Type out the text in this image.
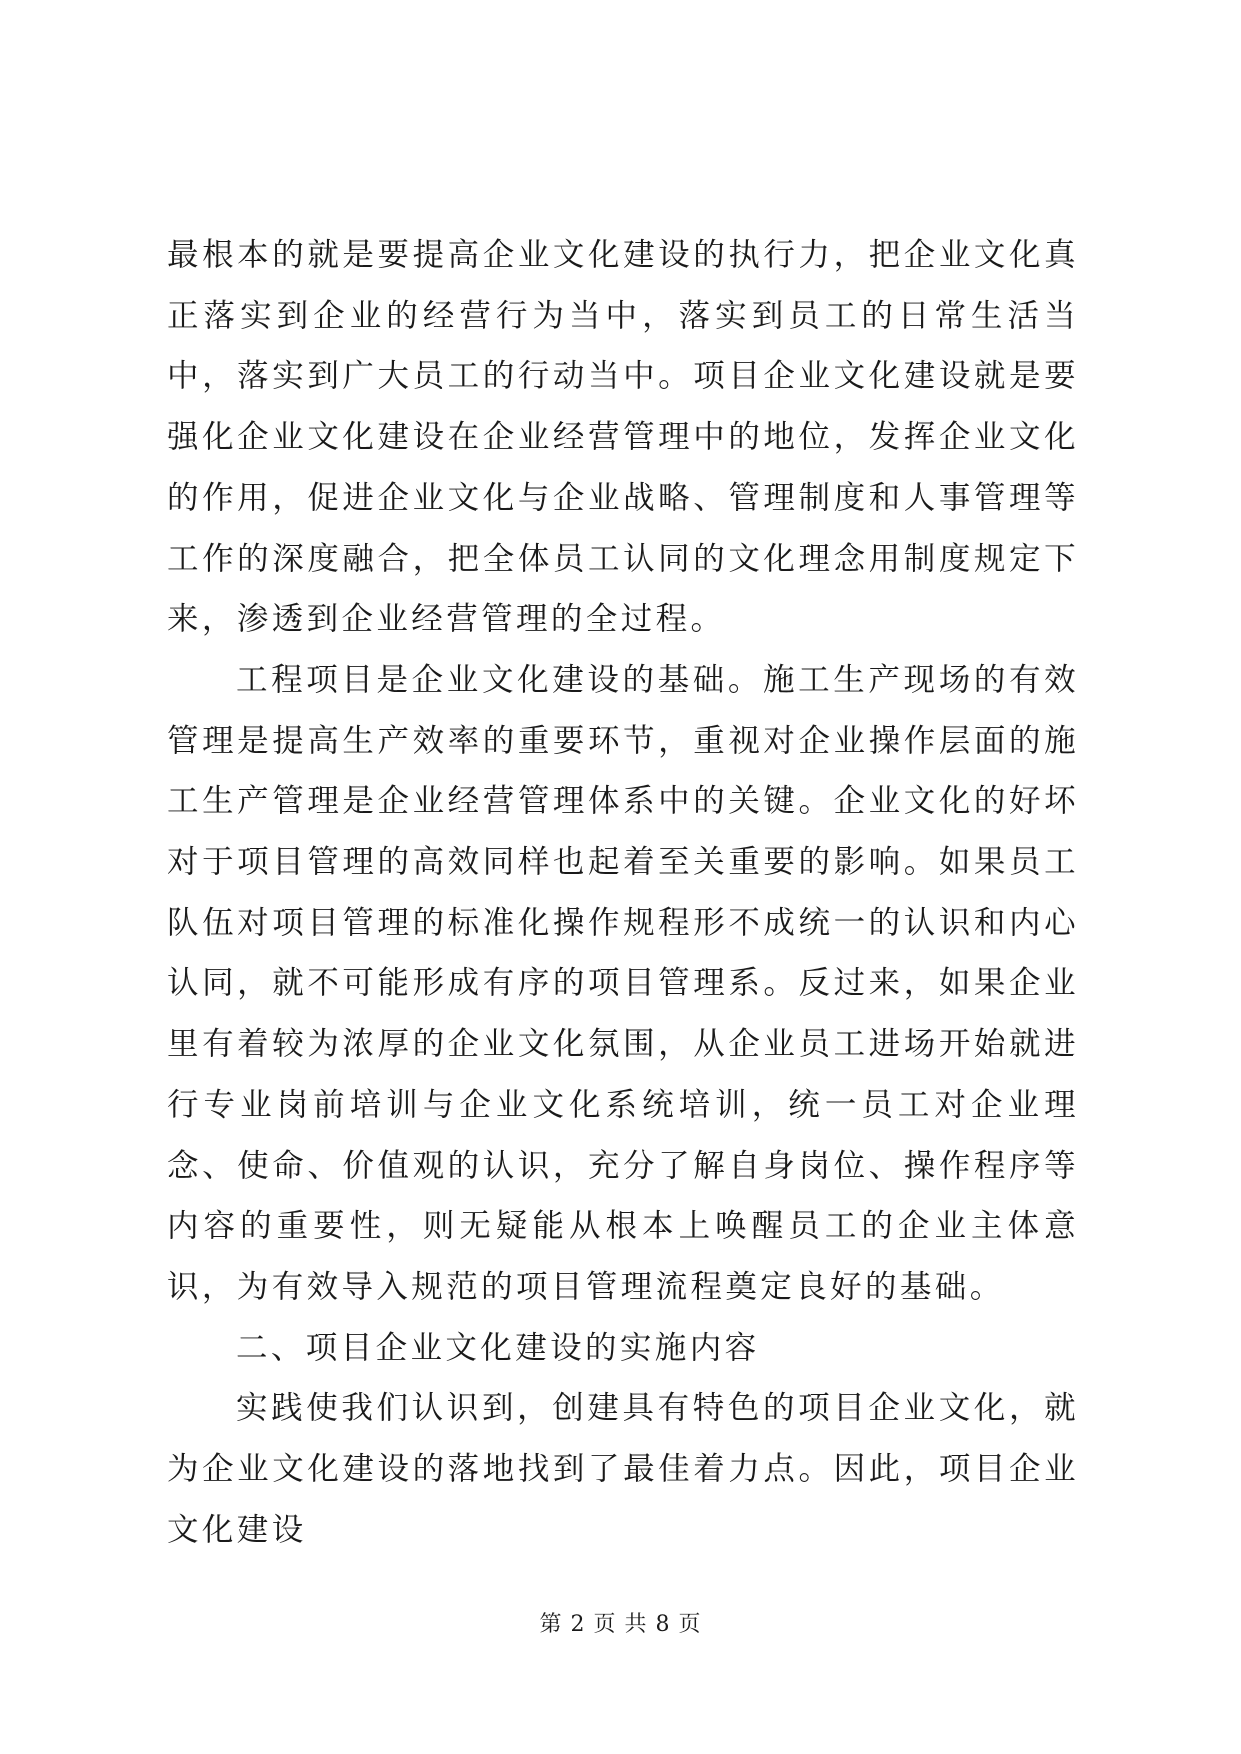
最根本的就是要提高企业文化建设的执行力，把企业文化真正落实到企业的经营行为当中，落实到员工的日常生活当中，落实到广大员工的行动当中。项目企业文化建设就是要强化企业文化建设在企业经营管理中的地位，发挥企业文化的作用，促进企业文化与企业战略、管理制度和人事管理等工作的深度融合，把全体员工认同的文化理念用制度规定下来，渗透到企业经营管理的全过程。

工程项目是企业文化建设的基础。施工生产现场的有效管理是提高生产效率的重要环节，重视对企业操作层面的施工生产管理是企业经营管理体系中的关键。企业文化的好坏对于项目管理的高效同样也起着至关重要的影响。如果员工队伍对项目管理的标准化操作规程形不成统一的认识和内心认同，就不可能形成有序的项目管理系。反过来，如果企业里有着较为浓厚的企业文化氛围，从企业员工进场开始就进行专业岗前培训与企业文化系统培训，统一员工对企业理念、使命、价值观的认识，充分了解自身岗位、操作程序等内容的重要性，则无疑能从根本上唤醒员工的企业主体意识，为有效导入规范的项目管理流程奠定良好的基础。

二、项目企业文化建设的实施内容

实践使我们认识到，创建具有特色的项目企业文化，就为企业文化建设的落地找到了最佳着力点。因此，项目企业文化建设

第 2 页 共 8 页
